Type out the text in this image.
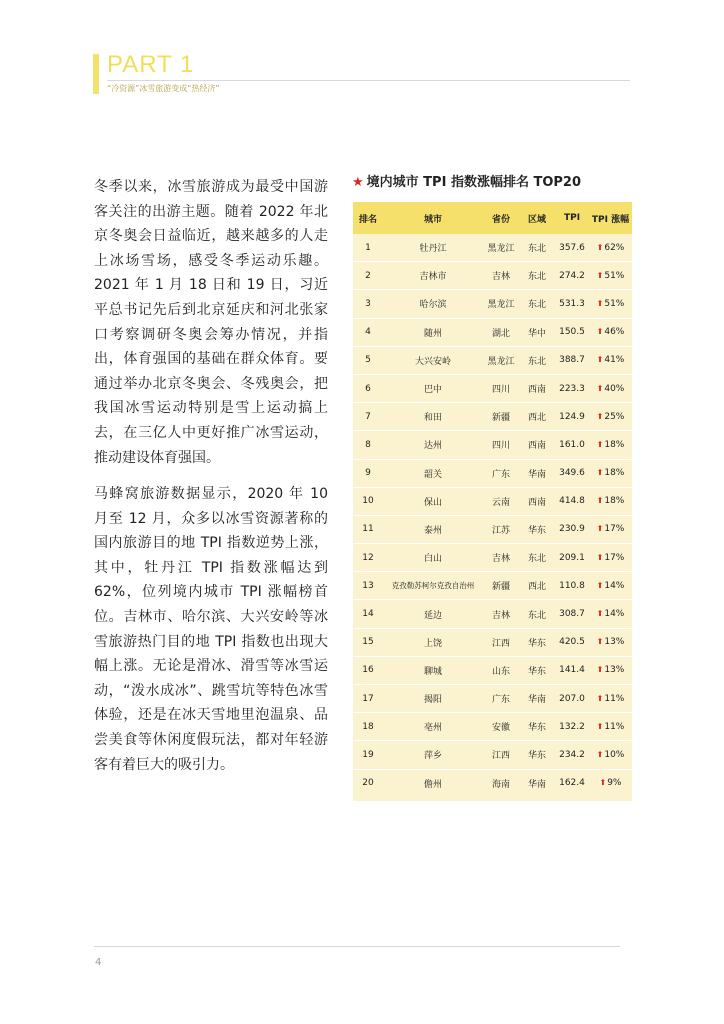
PART 1
“冷资源”冰雪旅游变成“热经济”

冬季以来，冰雪旅游成为最受中国游客关注的出游主题。随着 2022 年北京冬奥会日益临近，越来越多的人走上冰场雪场，感受冬季运动乐趣。2021 年 1 月 18 日和 19 日，习近平总书记先后到北京延庆和河北张家口考察调研冬奥会筹办情况，并指出，体育强国的基础在群众体育。要通过举办北京冬奥会、冬残奥会，把我国冰雪运动特别是雪上运动搞上去，在三亿人中更好推广冰雪运动，推动建设体育强国。

马蜂窝旅游数据显示，2020 年 10 月至 12 月，众多以冰雪资源著称的国内旅游目的地 TPI 指数逆势上涨，其中，牡丹江 TPI 指数涨幅达到 62%，位列境内城市 TPI 涨幅榜首位。吉林市、哈尔滨、大兴安岭等冰雪旅游热门目的地 TPI 指数也出现大幅上涨。无论是滑冰、滑雪等冰雪运动，“泼水成冰”、跳雪坑等特色冰雪体验，还是在冰天雪地里泡温泉、品尝美食等休闲度假玩法，都对年轻游客有着巨大的吸引力。

★ 境内城市 TPI 指数涨幅排名 TOP20
排名	城市	省份	区域	TPI	TPI 涨幅
1	牡丹江	黑龙江	东北	357.6	⬆62%
2	吉林市	吉林	东北	274.2	⬆51%
3	哈尔滨	黑龙江	东北	531.3	⬆51%
4	随州	湖北	华中	150.5	⬆46%
5	大兴安岭	黑龙江	东北	388.7	⬆41%
6	巴中	四川	西南	223.3	⬆40%
7	和田	新疆	西北	124.9	⬆25%
8	达州	四川	西南	161.0	⬆18%
9	韶关	广东	华南	349.6	⬆18%
10	保山	云南	西南	414.8	⬆18%
11	泰州	江苏	华东	230.9	⬆17%
12	白山	吉林	东北	209.1	⬆17%
13	克孜勒苏柯尔克孜自治州	新疆	西北	110.8	⬆14%
14	延边	吉林	东北	308.7	⬆14%
15	上饶	江西	华东	420.5	⬆13%
16	聊城	山东	华东	141.4	⬆13%
17	揭阳	广东	华南	207.0	⬆11%
18	亳州	安徽	华东	132.2	⬆11%
19	萍乡	江西	华东	234.2	⬆10%
20	儋州	海南	华南	162.4	⬆9%
4
